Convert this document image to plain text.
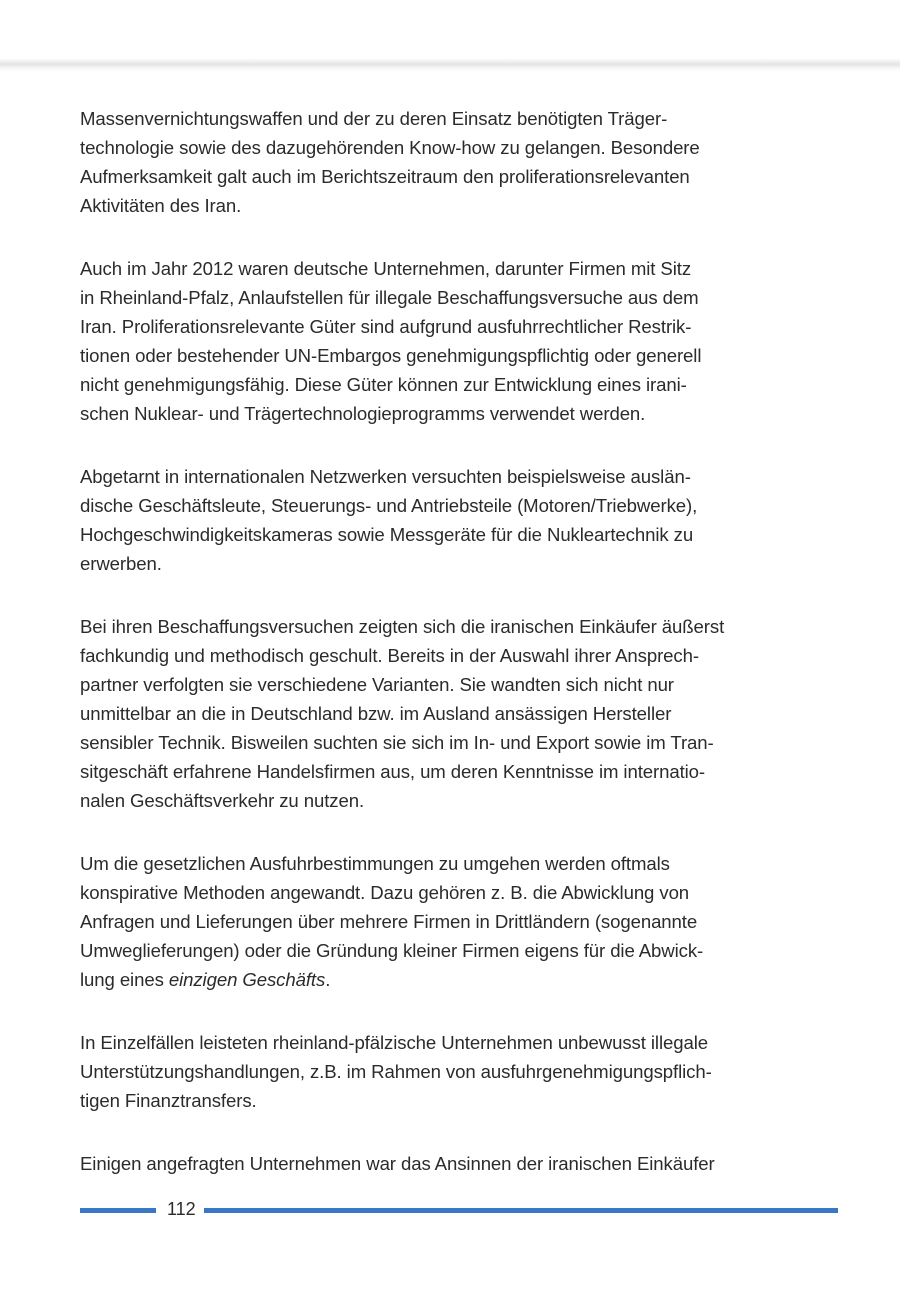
Massenvernichtungswaffen und der zu deren Einsatz benötigten Träger-
technologie sowie des dazugehörenden Know-how zu gelangen. Besondere
Aufmerksamkeit galt auch im Berichtszeitraum den proliferationsrelevanten
Aktivitäten des Iran.

Auch im Jahr 2012 waren deutsche Unternehmen, darunter Firmen mit Sitz
in Rheinland-Pfalz, Anlaufstellen für illegale Beschaffungsversuche aus dem
Iran. Proliferationsrelevante Güter sind aufgrund ausfuhrrechtlicher Restrik-
tionen oder bestehender UN-Embargos genehmigungspflichtig oder generell
nicht genehmigungsfähig. Diese Güter können zur Entwicklung eines irani-
schen Nuklear- und Trägertechnologieprogramms verwendet werden.

Abgetarnt in internationalen Netzwerken versuchten beispielsweise auslän-
dische Geschäftsleute, Steuerungs- und Antriebsteile (Motoren/Triebwerke),
Hochgeschwindigkeitskameras sowie Messgeräte für die Nukleartechnik zu
erwerben.

Bei ihren Beschaffungsversuchen zeigten sich die iranischen Einkäufer äußerst
fachkundig und methodisch geschult. Bereits in der Auswahl ihrer Ansprech-
partner verfolgten sie verschiedene Varianten. Sie wandten sich nicht nur
unmittelbar an die in Deutschland bzw. im Ausland ansässigen Hersteller
sensibler Technik. Bisweilen suchten sie sich im In- und Export sowie im Tran-
sitgeschäft erfahrene Handelsfirmen aus, um deren Kenntnisse im internatio-
nalen Geschäftsverkehr zu nutzen.

Um die gesetzlichen Ausfuhrbestimmungen zu umgehen werden oftmals
konspirative Methoden angewandt. Dazu gehören z. B. die Abwicklung von
Anfragen und Lieferungen über mehrere Firmen in Drittländern (sogenannte
Umweglieferungen) oder die Gründung kleiner Firmen eigens für die Abwick-
lung eines einzigen Geschäfts.

In Einzelfällen leisteten rheinland-pfälzische Unternehmen unbewusst illegale
Unterstützungshandlungen, z.B. im Rahmen von ausfuhrgenehmigungspflich-
tigen Finanztransfers.

Einigen angefragten Unternehmen war das Ansinnen der iranischen Einkäufer

112
